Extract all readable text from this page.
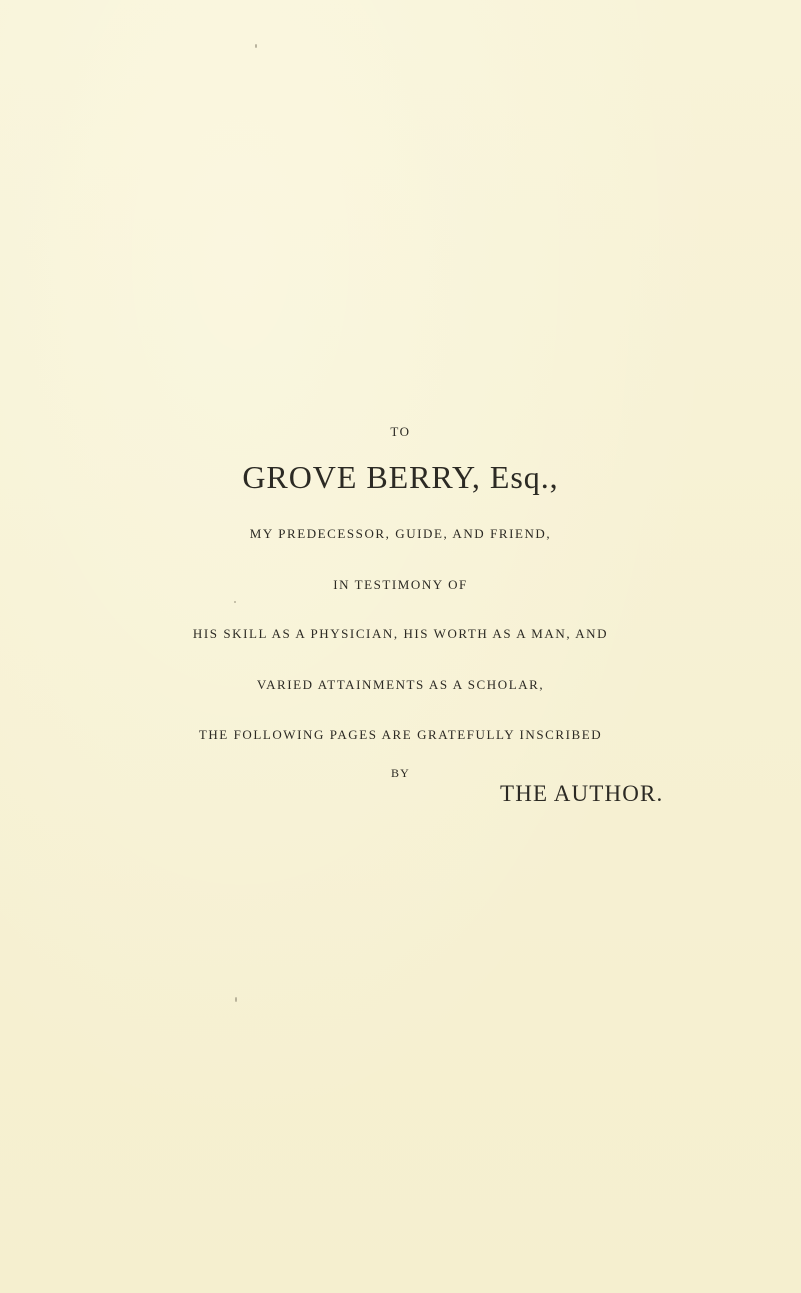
TO
GROVE BERRY, Esq.,
MY PREDECESSOR, GUIDE, AND FRIEND,
IN TESTIMONY OF
HIS SKILL AS A PHYSICIAN, HIS WORTH AS A MAN, AND
VARIED ATTAINMENTS AS A SCHOLAR,
THE FOLLOWING PAGES ARE GRATEFULLY INSCRIBED
BY
THE AUTHOR.
